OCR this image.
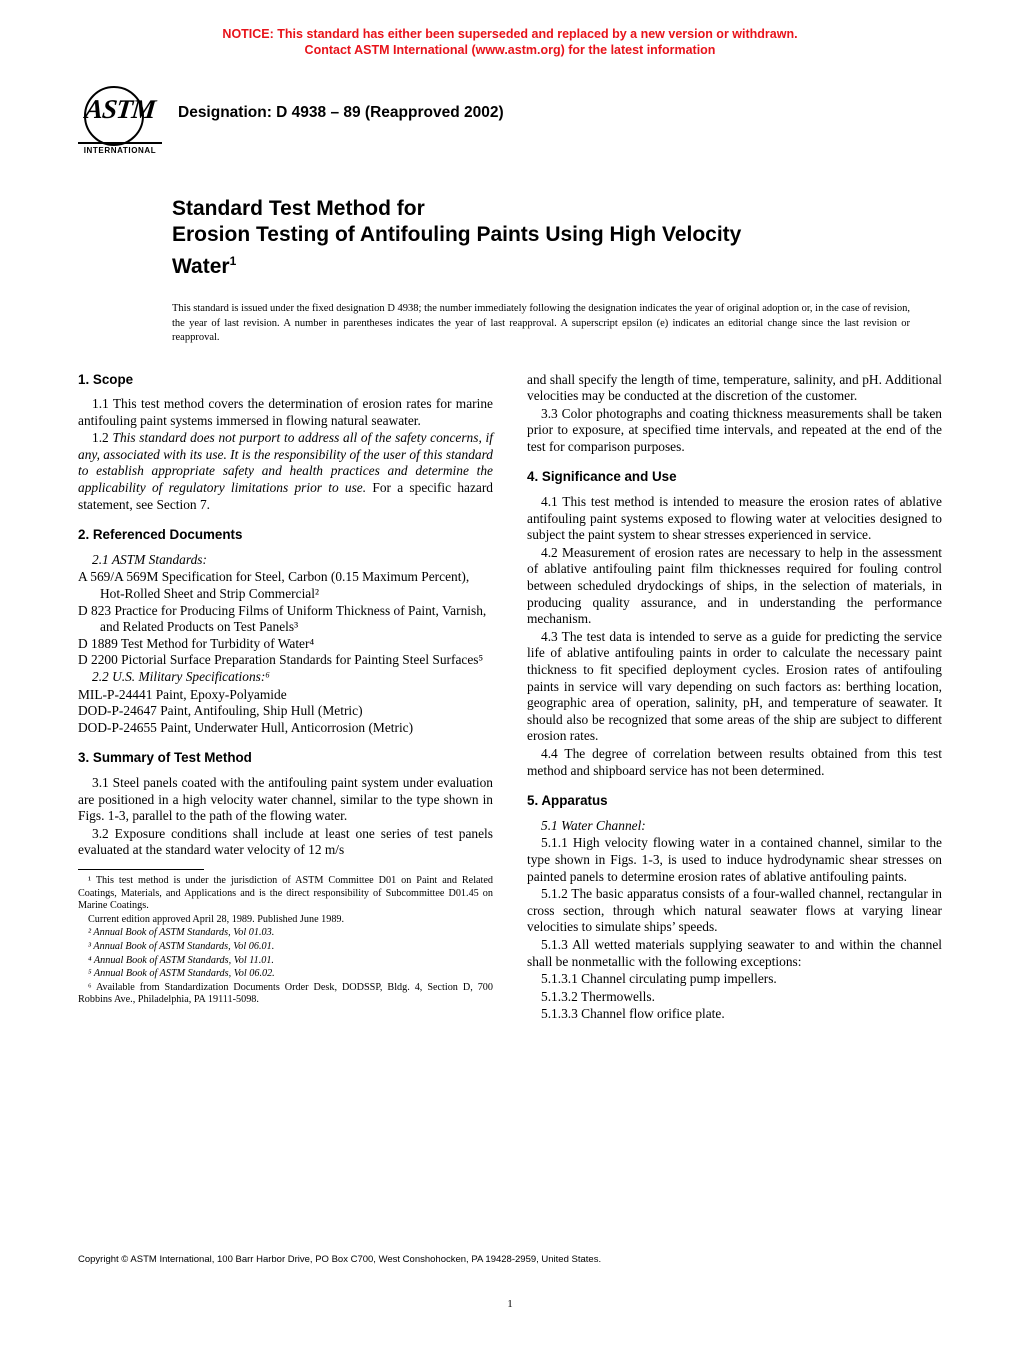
NOTICE: This standard has either been superseded and replaced by a new version or withdrawn.
Contact ASTM International (www.astm.org) for the latest information
ASTM
INTERNATIONAL
Designation: D 4938 – 89 (Reapproved 2002)
Standard Test Method for
Erosion Testing of Antifouling Paints Using High Velocity
Water$^1$
This standard is issued under the fixed designation D 4938; the number immediately following the designation indicates the year of original adoption or, in the case of revision, the year of last revision. A number in parentheses indicates the year of last reapproval. A superscript epsilon (e) indicates an editorial change since the last revision or reapproval.
1. Scope

1.1 This test method covers the determination of erosion rates for marine antifouling paint systems immersed in flowing natural seawater.

1.2 This standard does not purport to address all of the safety concerns, if any, associated with its use. It is the responsibility of the user of this standard to establish appropriate safety and health practices and determine the applicability of regulatory limitations prior to use. For a specific hazard statement, see Section 7.

2. Referenced Documents

2.1 ASTM Standards:

A 569/A 569M Specification for Steel, Carbon (0.15 Maximum Percent), Hot-Rolled Sheet and Strip Commercial²
D 823 Practice for Producing Films of Uniform Thickness of Paint, Varnish, and Related Products on Test Panels³
D 1889 Test Method for Turbidity of Water⁴
D 2200 Pictorial Surface Preparation Standards for Painting Steel Surfaces⁵

2.2 U.S. Military Specifications:⁶

MIL-P-24441 Paint, Epoxy-Polyamide
DOD-P-24647 Paint, Antifouling, Ship Hull (Metric)
DOD-P-24655 Paint, Underwater Hull, Anticorrosion (Metric)
3. Summary of Test Method

3.1 Steel panels coated with the antifouling paint system under evaluation are positioned in a high velocity water channel, similar to the type shown in Figs. 1-3, parallel to the path of the flowing water.

3.2 Exposure conditions shall include at least one series of test panels evaluated at the standard water velocity of 12 m/s

¹ This test method is under the jurisdiction of ASTM Committee D01 on Paint and Related Coatings, Materials, and Applications and is the direct responsibility of Subcommittee D01.45 on Marine Coatings.

Current edition approved April 28, 1989. Published June 1989.

² Annual Book of ASTM Standards, Vol 01.03.

³ Annual Book of ASTM Standards, Vol 06.01.

⁴ Annual Book of ASTM Standards, Vol 11.01.

⁵ Annual Book of ASTM Standards, Vol 06.02.

⁶ Available from Standardization Documents Order Desk, DODSSP, Bldg. 4, Section D, 700 Robbins Ave., Philadelphia, PA 19111-5098.

and shall specify the length of time, temperature, salinity, and pH. Additional velocities may be conducted at the discretion of the customer.

3.3 Color photographs and coating thickness measurements shall be taken prior to exposure, at specified time intervals, and repeated at the end of the test for comparison purposes.

4. Significance and Use

4.1 This test method is intended to measure the erosion rates of ablative antifouling paint systems exposed to flowing water at velocities designed to subject the paint system to shear stresses experienced in service.

4.2 Measurement of erosion rates are necessary to help in the assessment of ablative antifouling paint film thicknesses required for fouling control between scheduled drydockings of ships, in the selection of materials, in producing quality assurance, and in understanding the performance mechanism.

4.3 The test data is intended to serve as a guide for predicting the service life of ablative antifouling paints in order to calculate the necessary paint thickness to fit specified deployment cycles. Erosion rates of antifouling paints in service will vary depending on such factors as: berthing location, geographic area of operation, salinity, pH, and temperature of seawater. It should also be recognized that some areas of the ship are subject to different erosion rates.

4.4 The degree of correlation between results obtained from this test method and shipboard service has not been determined.

5. Apparatus

5.1 Water Channel:

5.1.1 High velocity flowing water in a contained channel, similar to the type shown in Figs. 1-3, is used to induce hydrodynamic shear stresses on painted panels to determine erosion rates of ablative antifouling paints.

5.1.2 The basic apparatus consists of a four-walled channel, rectangular in cross section, through which natural seawater flows at varying linear velocities to simulate ships’ speeds.

5.1.3 All wetted materials supplying seawater to and within the channel shall be nonmetallic with the following exceptions:

5.1.3.1 Channel circulating pump impellers.

5.1.3.2 Thermowells.

5.1.3.3 Channel flow orifice plate.

Copyright © ASTM International, 100 Barr Harbor Drive, PO Box C700, West Conshohocken, PA 19428-2959, United States.
1
